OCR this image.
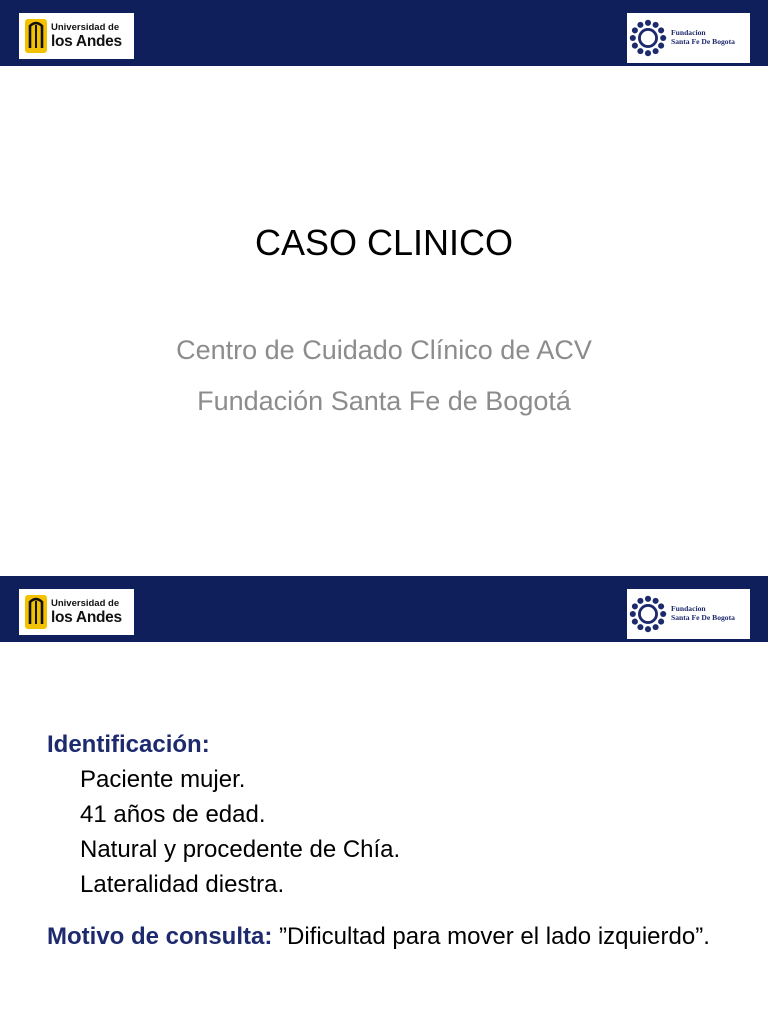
Universidad de
los Andes
Fundacion
Santa Fe De Bogota
CASO CLINICO
Centro de Cuidado Clínico de ACV
Fundación Santa Fe de Bogotá
Universidad de
los Andes
Fundacion
Santa Fe De Bogota
Identificación:
Paciente mujer.
41 años de edad.
Natural y procedente de Chía.
Lateralidad diestra.
Motivo de consulta: ”Dificultad para mover el lado izquierdo”.
